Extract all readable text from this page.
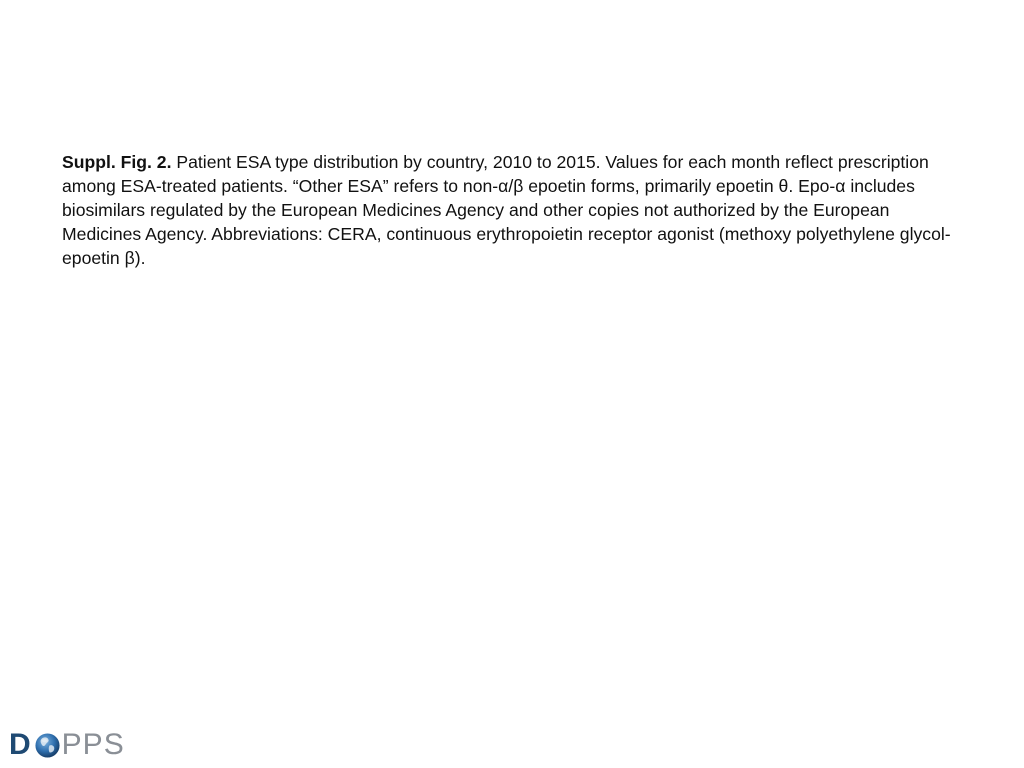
Suppl. Fig. 2. Patient ESA type distribution by country, 2010 to 2015. Values for each month reflect prescription among ESA-treated patients. “Other ESA” refers to non-α/β epoetin forms, primarily epoetin θ. Epo-α includes biosimilars regulated by the European Medicines Agency and other copies not authorized by the European Medicines Agency. Abbreviations: CERA, continuous erythropoietin receptor agonist (methoxy polyethylene glycol-epoetin β).

D PPS
